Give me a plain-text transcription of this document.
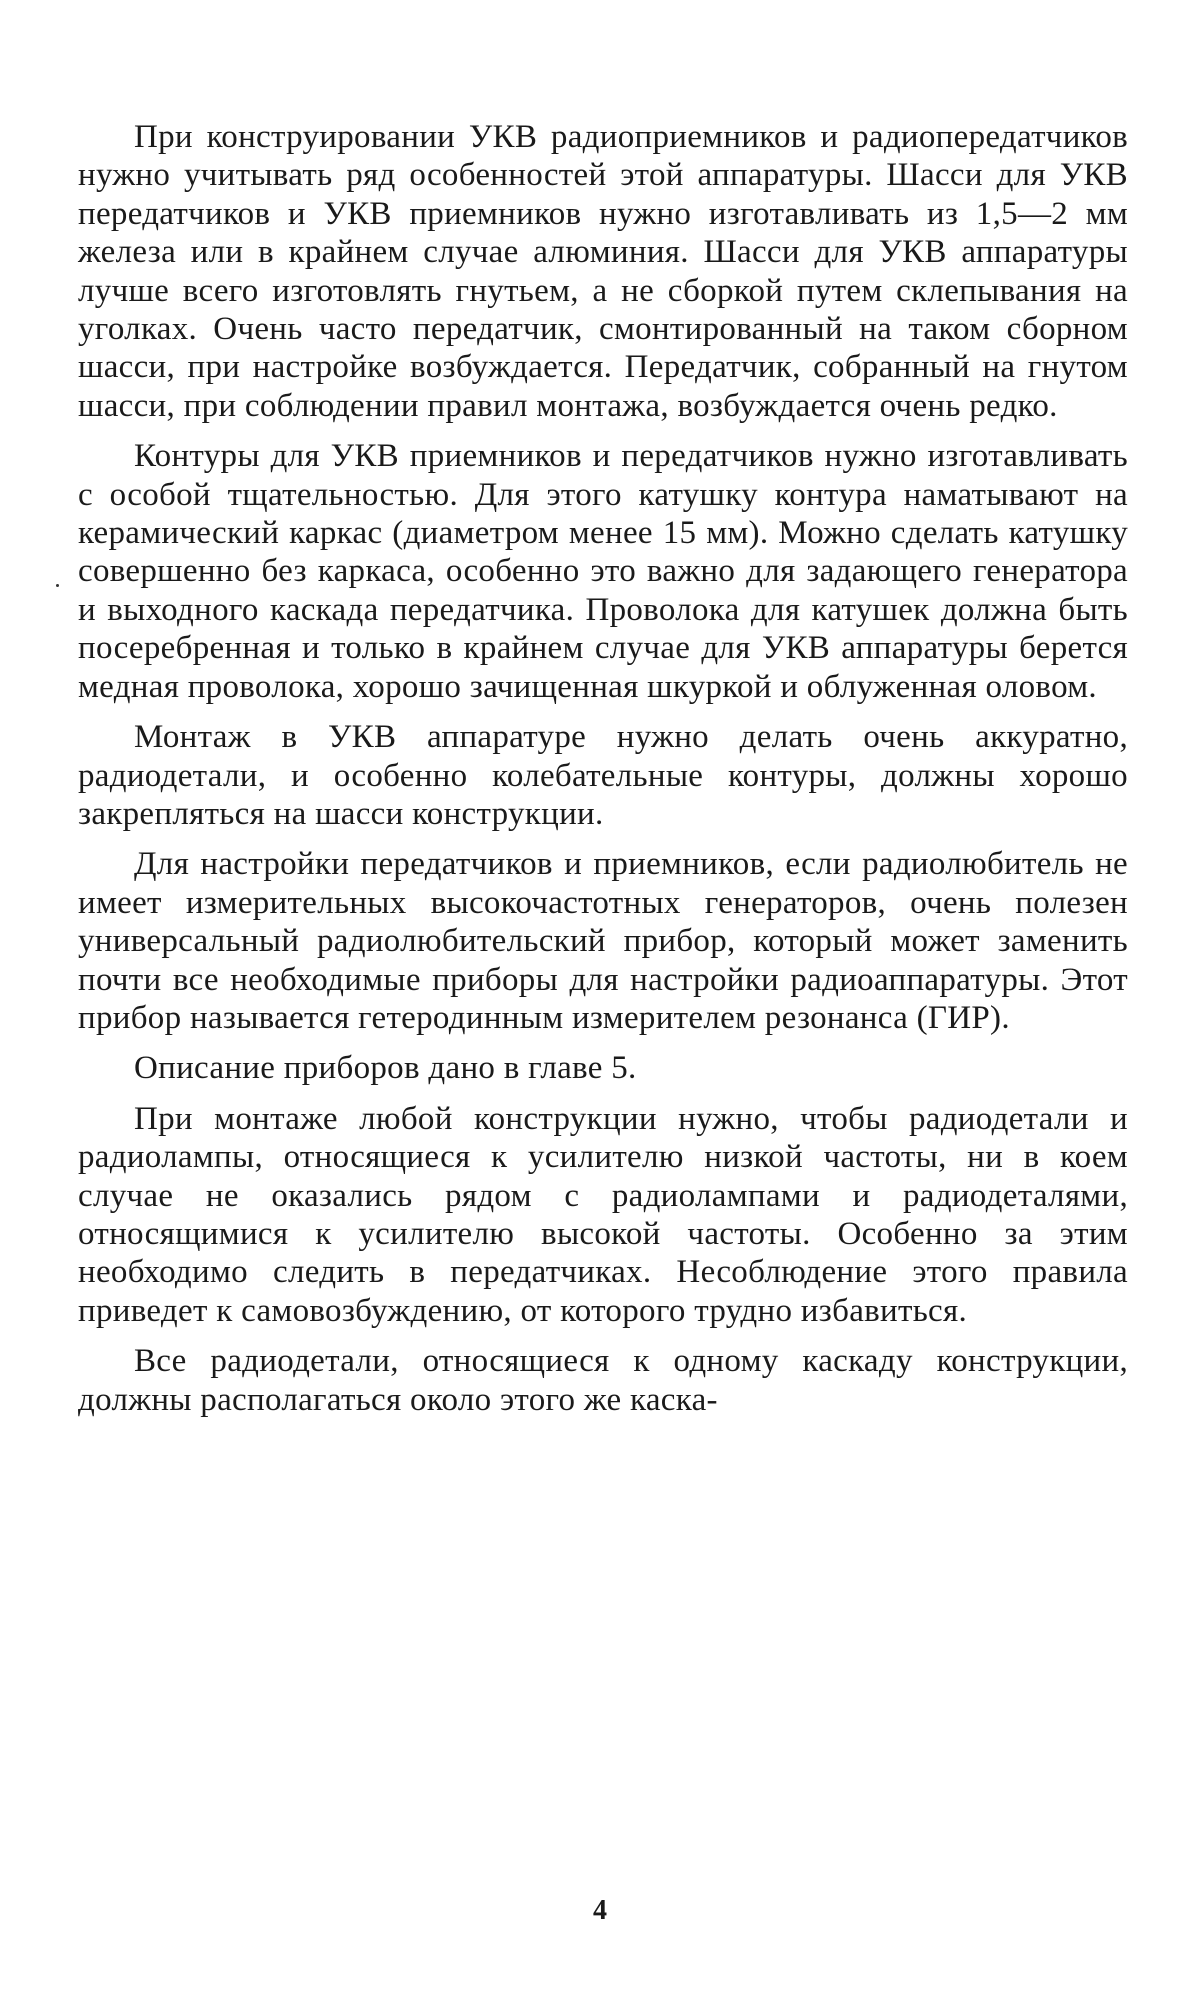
При конструировании УКВ радиоприемников и радиопередатчиков нужно учитывать ряд особенностей этой аппаратуры. Шасси для УКВ передатчиков и УКВ приемников нужно изготавливать из 1,5—2 мм железа или в крайнем случае алюминия. Шасси для УКВ аппаратуры лучше всего изготовлять гнутьем, а не сборкой путем склепывания на уголках. Очень часто передатчик, смонтированный на таком сборном шасси, при настройке возбуждается. Передатчик, собранный на гнутом шасси, при соблюдении правил монтажа, возбуждается очень редко.

Контуры для УКВ приемников и передатчиков нужно изготавливать с особой тщательностью. Для этого катушку контура наматывают на керамический каркас (диаметром менее 15 мм). Можно сделать катушку совершенно без каркаса, особенно это важно для задающего генератора и выходного каскада передатчика. Проволока для катушек должна быть посеребренная и только в крайнем случае для УКВ аппаратуры берется медная проволока, хорошо зачищенная шкуркой и облуженная оловом.

Монтаж в УКВ аппаратуре нужно делать очень аккуратно, радиодетали, и особенно колебательные контуры, должны хорошо закрепляться на шасси конструкции.

Для настройки передатчиков и приемников, если радиолюбитель не имеет измерительных высокочастотных генераторов, очень полезен универсальный радиолюбительский прибор, который может заменить почти все необходимые приборы для настройки радиоаппаратуры. Этот прибор называется гетеродинным измерителем резонанса (ГИР).

Описание приборов дано в главе 5.

При монтаже любой конструкции нужно, чтобы радиодетали и радиолампы, относящиеся к усилителю низкой частоты, ни в коем случае не оказались рядом с радиолампами и радиодеталями, относящимися к усилителю высокой частоты. Особенно за этим необходимо следить в передатчиках. Несоблюдение этого правила приведет к самовозбуждению, от которого трудно избавиться.

Все радиодетали, относящиеся к одному каскаду конструкции, должны располагаться около этого же каска-

4
